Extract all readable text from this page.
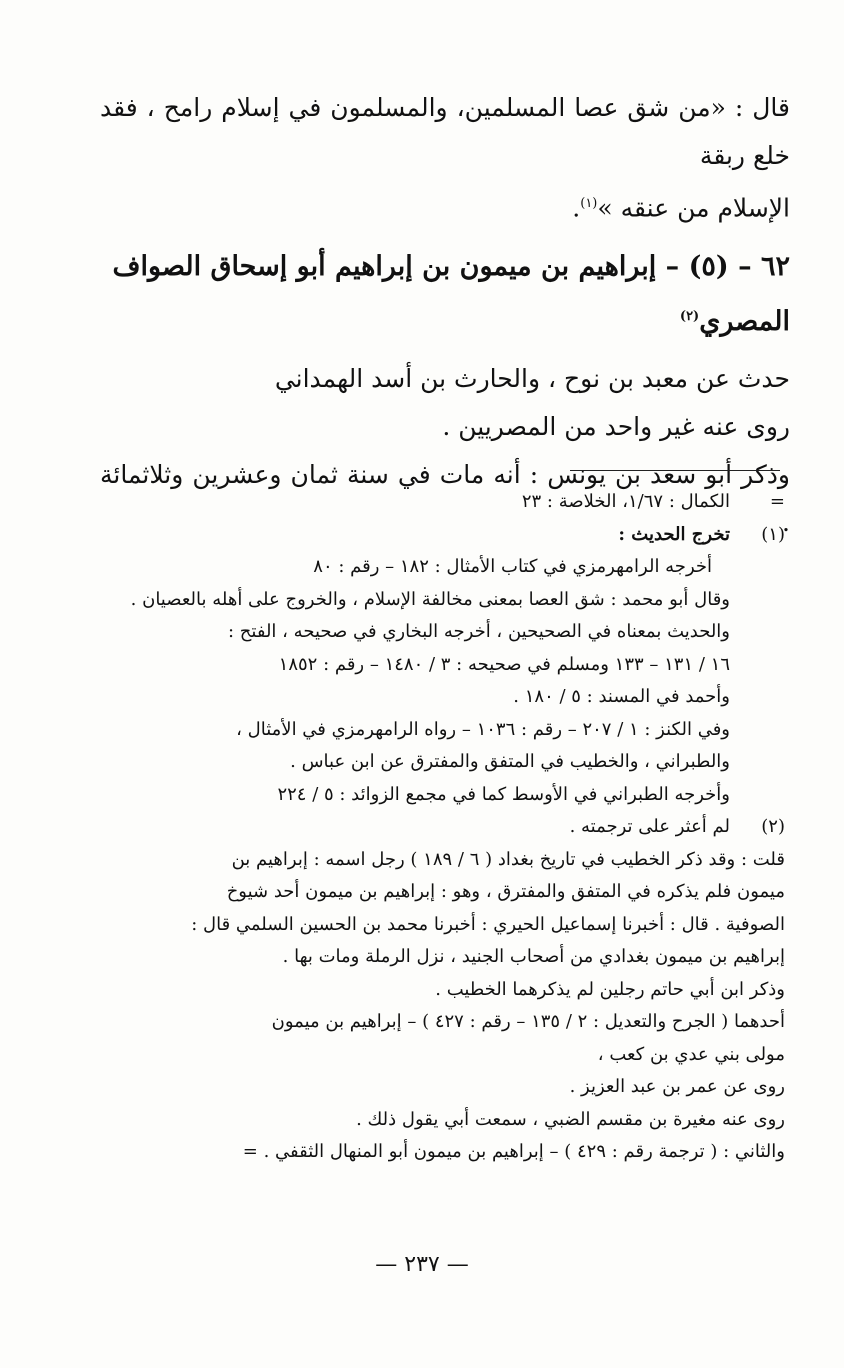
قال : «من شق عصا المسلمين، والمسلمون في إسلام رامح ، فقد خلع ربقة

الإسلام من عنقه »$^{(١)}$.

٦٢ – (٥) – إبراهيم بن ميمون بن إبراهيم أبو إسحاق الصواف
المصري$^{(٢)}$

حدث عن معبد بن نوح ، والحارث بن أسد الهمداني

روى عنه غير واحد من المصريين .

وذكر أبو سعد بن يونس : أنه مات في سنة ثمان وعشرين وثلاثمائة .

=

الكمال : ١/٦٧، الخلاصة : ٢٣

(١)

تخرج الحديث :

أخرجه الرامهرمزي في كتاب الأمثال : ١٨٢ – رقم : ٨٠

وقال أبو محمد : شق العصا بمعنى مخالفة الإسلام ، والخروج على أهله بالعصيان .

والحديث بمعناه في الصحيحين ، أخرجه البخاري في صحيحه ، الفتح :

١٦ / ١٣١ – ١٣٣ ومسلم في صحيحه : ٣ / ١٤٨٠ – رقم : ١٨٥٢

وأحمد في المسند : ٥ / ١٨٠ .

وفي الكنز : ١ / ٢٠٧ – رقم : ١٠٣٦ – رواه الرامهرمزي في الأمثال ،

والطبراني ، والخطيب في المتفق والمفترق عن ابن عباس .

وأخرجه الطبراني في الأوسط كما في مجمع الزوائد : ٥ / ٢٢٤

(٢)

لم أعثر على ترجمته .

قلت : وقد ذكر الخطيب في تاريخ بغداد ( ٦ / ١٨٩ ) رجل اسمه : إبراهيم بن

ميمون فلم يذكره في المتفق والمفترق ، وهو : إبراهيم بن ميمون أحد شيوخ

الصوفية . قال : أخبرنا إسماعيل الحيري : أخبرنا محمد بن الحسين السلمي قال :

إبراهيم بن ميمون بغدادي من أصحاب الجنيد ، نزل الرملة ومات بها .

وذكر ابن أبي حاتم رجلين لم يذكرهما الخطيب .

أحدهما ( الجرح والتعديل : ٢ / ١٣٥ – رقم : ٤٢٧ ) – إبراهيم بن ميمون

مولى بني عدي بن كعب ،

روى عن عمر بن عبد العزيز .

روى عنه مغيرة بن مقسم الضبي ، سمعت أبي يقول ذلك .

والثاني : ( ترجمة رقم : ٤٢٩ ) – إبراهيم بن ميمون أبو المنهال الثقفي . =

— ٢٣٧ —
